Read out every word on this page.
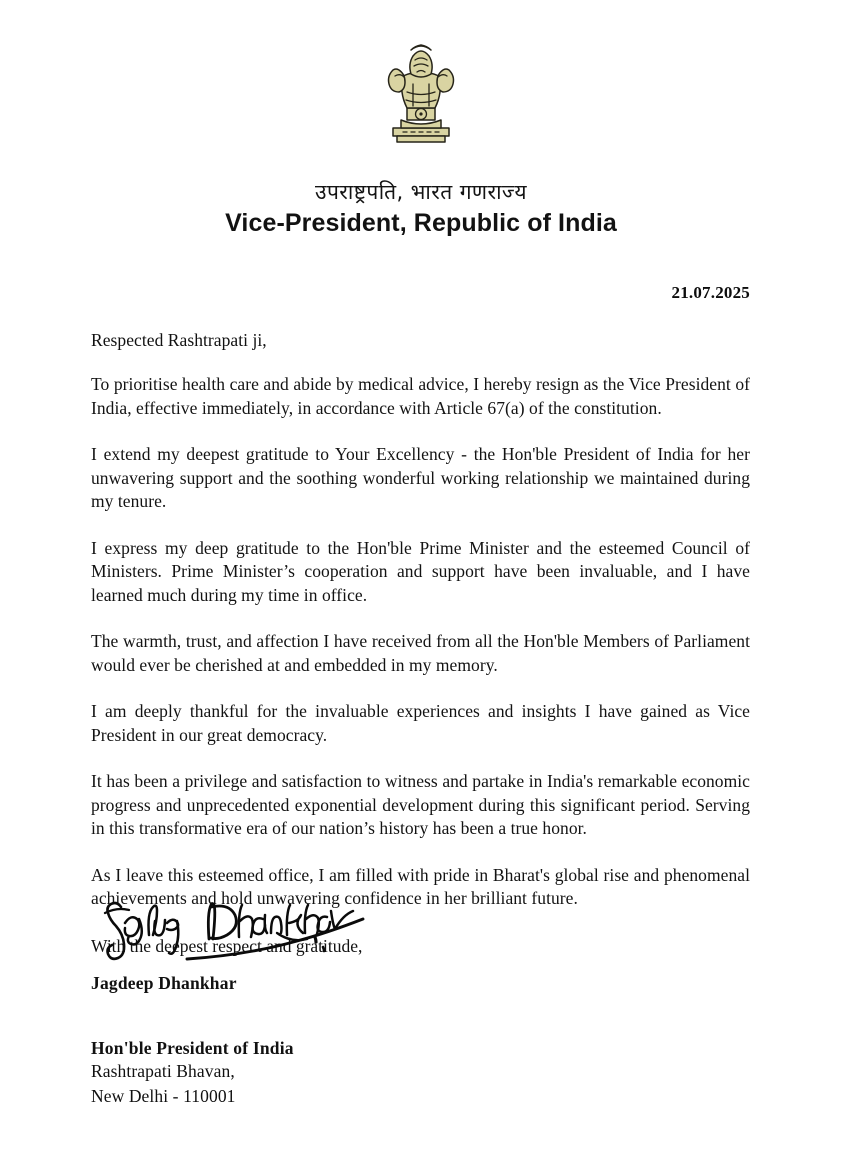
उपराष्ट्रपति, भारत गणराज्य
Vice-President, Republic of India
21.07.2025
Respected Rashtrapati ji,

To prioritise health care and abide by medical advice, I hereby resign as the Vice President of India, effective immediately, in accordance with Article 67(a) of the constitution.

I extend my deepest gratitude to Your Excellency - the Hon'ble President of India for her unwavering support and the soothing wonderful working relationship we maintained during my tenure.

I express my deep gratitude to the Hon'ble Prime Minister and the esteemed Council of Ministers. Prime Minister’s cooperation and support have been invaluable, and I have learned much during my time in office.

The warmth, trust, and affection I have received from all the Hon'ble Members of Parliament would ever be cherished at and embedded in my memory.

I am deeply thankful for the invaluable experiences and insights I have gained as Vice President in our great democracy.

It has been a privilege and satisfaction to witness and partake in India's remarkable economic progress and unprecedented exponential development during this significant period. Serving in this transformative era of our nation’s history has been a true honor.

As I leave this esteemed office, I am filled with pride in Bharat's global rise and phenomenal achievements and hold unwavering confidence in her brilliant future.

With the deepest respect and gratitude,
Jagdeep Dhankhar
Hon'ble President of India
Rashtrapati Bhavan,
New Delhi - 110001
